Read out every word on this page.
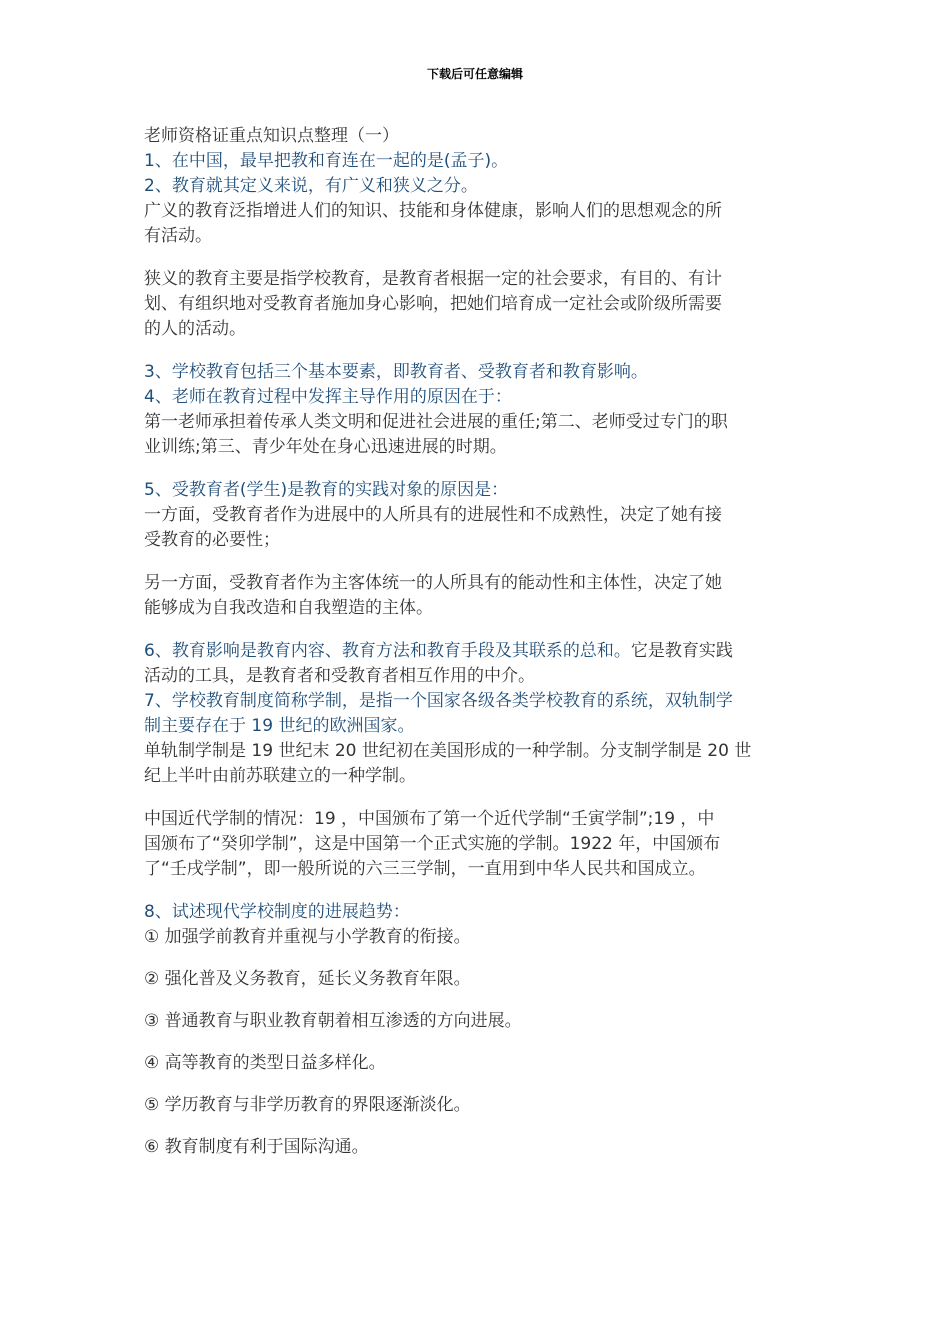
下载后可任意编辑

老师资格证重点知识点整理（一）

1、在中国，最早把教和育连在一起的是(孟子)。

2、教育就其定义来说，有广义和狭义之分。

广义的教育泛指增进人们的知识、技能和身体健康，影响人们的思想观念的所

有活动。

狭义的教育主要是指学校教育，是教育者根据一定的社会要求，有目的、有计

划、有组织地对受教育者施加身心影响，把她们培育成一定社会或阶级所需要

的人的活动。

3、学校教育包括三个基本要素，即教育者、受教育者和教育影响。

4、老师在教育过程中发挥主导作用的原因在于：

第一老师承担着传承人类文明和促进社会进展的重任;第二、老师受过专门的职

业训练;第三、青少年处在身心迅速进展的时期。

5、受教育者(学生)是教育的实践对象的原因是：

一方面，受教育者作为进展中的人所具有的进展性和不成熟性，决定了她有接

受教育的必要性；

另一方面，受教育者作为主客体统一的人所具有的能动性和主体性，决定了她

能够成为自我改造和自我塑造的主体。

6、教育影响是教育内容、教育方法和教育手段及其联系的总和。它是教育实践

活动的工具，是教育者和受教育者相互作用的中介。

7、学校教育制度简称学制，是指一个国家各级各类学校教育的系统，双轨制学

制主要存在于 19 世纪的欧洲国家。

单轨制学制是 19 世纪末 20 世纪初在美国形成的一种学制。分支制学制是 20 世

纪上半叶由前苏联建立的一种学制。

中国近代学制的情况：19 ，中国颁布了第一个近代学制“壬寅学制”;19 ，中

国颁布了“癸卯学制”，这是中国第一个正式实施的学制。1922 年，中国颁布

了“壬戌学制”，即一般所说的六三三学制，一直用到中华人民共和国成立。

8、试述现代学校制度的进展趋势：

① 加强学前教育并重视与小学教育的衔接。

② 强化普及义务教育，延长义务教育年限。

③ 普通教育与职业教育朝着相互渗透的方向进展。

④ 高等教育的类型日益多样化。

⑤ 学历教育与非学历教育的界限逐渐淡化。

⑥ 教育制度有利于国际沟通。
